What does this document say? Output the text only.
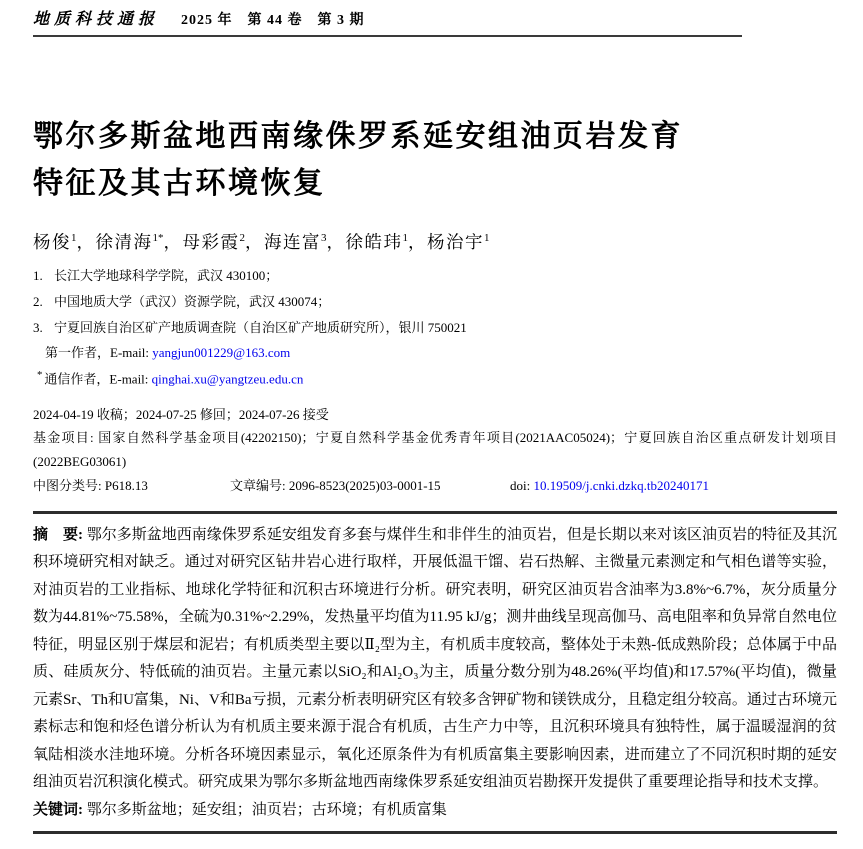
地质科技通报 2025 年　第 44 卷　第 3 期
鄂尔多斯盆地西南缘侏罗系延安组油页岩发育
特征及其古环境恢复
杨俊$^1$，徐清海$^{1*}$，母彩霞$^2$，海连富$^3$，徐皓玮$^1$，杨治宇$^1$
1. 长江大学地球科学学院，武汉 430100；
2. 中国地质大学（武汉）资源学院，武汉 430074；
3. 宁夏回族自治区矿产地质调查院（自治区矿产地质研究所），银川 750021
第一作者，E-mail: yangjun001229@163.com
* 通信作者，E-mail: qinghai.xu@yangtzeu.edu.cn
2024-04-19 收稿；2024-07-25 修回；2024-07-26 接受
基金项目: 国家自然科学基金项目(42202150)；宁夏自然科学基金优秀青年项目(2021AAC05024)；宁夏回族自治区重点研发计划项目(2022BEG03061)
中图分类号: P618.13	文章编号: 2096-8523(2025)03-0001-15	doi: 10.19509/j.cnki.dzkq.tb20240171

摘　要: 鄂尔多斯盆地西南缘侏罗系延安组发育多套与煤伴生和非伴生的油页岩，但是长期以来对该区油页岩的特征及其沉积环境研究相对缺乏。通过对研究区钻井岩心进行取样，开展低温干馏、岩石热解、主微量元素测定和气相色谱等实验，对油页岩的工业指标、地球化学特征和沉积古环境进行分析。研究表明，研究区油页岩含油率为3.8%~6.7%，灰分质量分数为44.81%~75.58%，全硫为0.31%~2.29%，发热量平均值为11.95 kJ/g；测井曲线呈现高伽马、高电阻率和负异常自然电位特征，明显区别于煤层和泥岩；有机质类型主要以Ⅱ₂型为主，有机质丰度较高，整体处于未熟-低成熟阶段；总体属于中品质、硅质灰分、特低硫的油页岩。主量元素以SiO₂和Al₂O₃为主，质量分数分别为48.26%(平均值)和17.57%(平均值)，微量元素Sr、Th和U富集，Ni、V和Ba亏损，元素分析表明研究区有较多含钾矿物和镁铁成分，且稳定组分较高。通过古环境元素标志和饱和烃色谱分析认为有机质主要来源于混合有机质，古生产力中等，且沉积环境具有独特性，属于温暖湿润的贫氧陆相淡水洼地环境。分析各环境因素显示，氧化还原条件为有机质富集主要影响因素，进而建立了不同沉积时期的延安组油页岩沉积演化模式。研究成果为鄂尔多斯盆地西南缘侏罗系延安组油页岩勘探开发提供了重要理论指导和技术支撑。

关键词: 鄂尔多斯盆地；延安组；油页岩；古环境；有机质富集
